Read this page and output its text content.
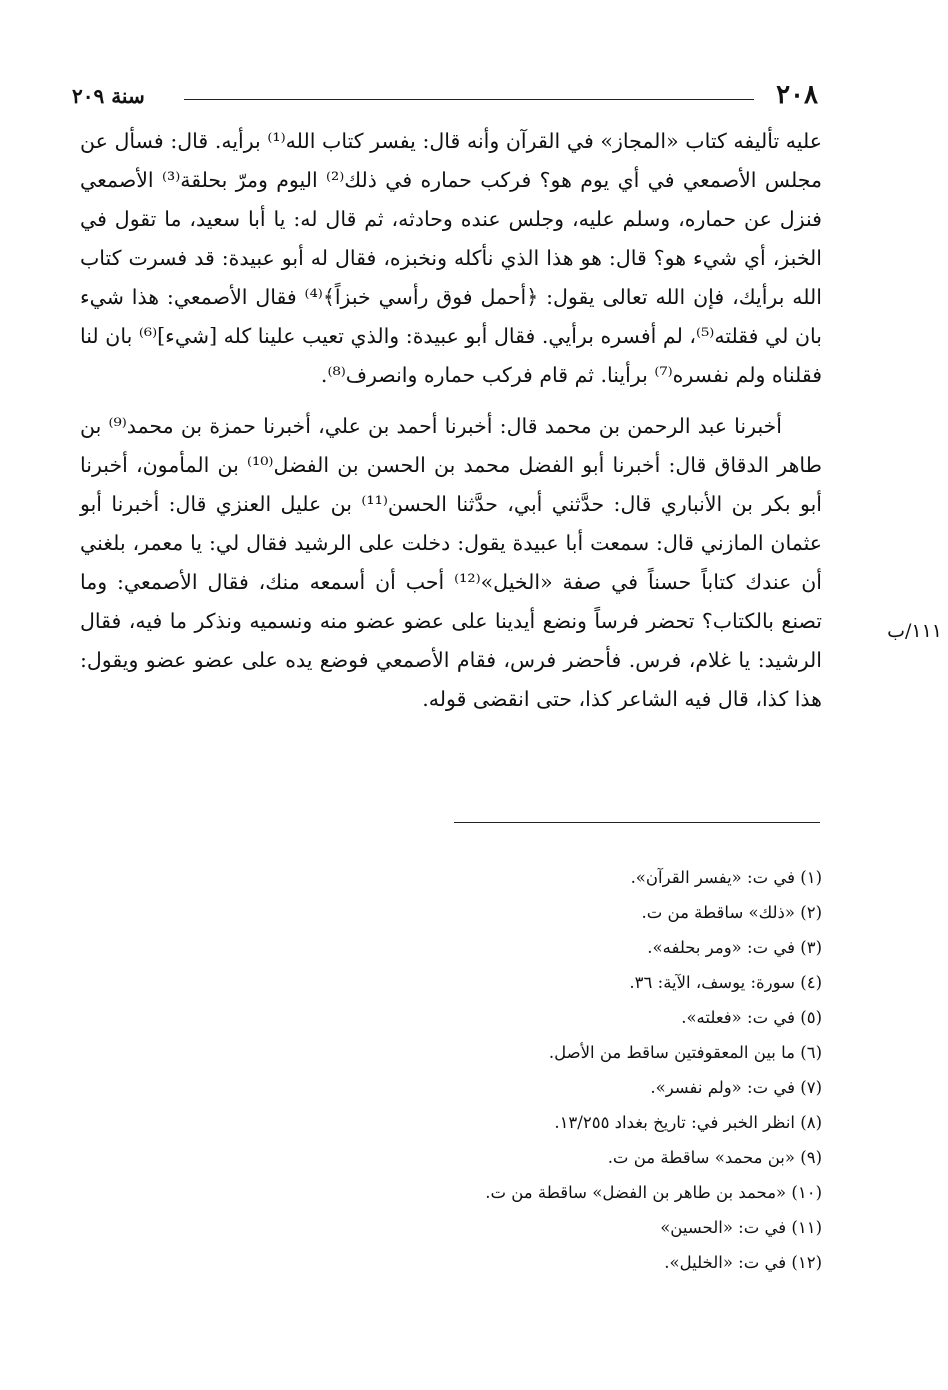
٢٠٨
سنة ٢٠٩

عليه تأليفه كتاب «المجاز» في القرآن وأنه قال: يفسر كتاب الله⁽¹⁾ برأيه. قال: فسأل عن مجلس الأصمعي في أي يوم هو؟ فركب حماره في ذلك⁽²⁾ اليوم ومرّ بحلقة⁽³⁾ الأصمعي فنزل عن حماره، وسلم عليه، وجلس عنده وحادثه، ثم قال له: يا أبا سعيد، ما تقول في الخبز، أي شيء هو؟ قال: هو هذا الذي نأكله ونخبزه، فقال له أبو عبيدة: قد فسرت كتاب الله برأيك، فإن الله تعالى يقول: ﴿أحمل فوق رأسي خبزاً﴾⁽⁴⁾ فقال الأصمعي: هذا شيء بان لي فقلته⁽⁵⁾، لم أفسره برأيي. فقال أبو عبيدة: والذي تعيب علينا كله [شيء]⁽⁶⁾ بان لنا فقلناه ولم نفسره⁽⁷⁾ برأينا. ثم قام فركب حماره وانصرف⁽⁸⁾.

أخبرنا عبد الرحمن بن محمد قال: أخبرنا أحمد بن علي، أخبرنا حمزة بن محمد⁽⁹⁾ بن طاهر الدقاق قال: أخبرنا أبو الفضل محمد بن الحسن بن الفضل⁽¹⁰⁾ بن المأمون، أخبرنا أبو بكر بن الأنباري قال: حدَّثني أبي، حدَّثنا الحسن⁽¹¹⁾ بن عليل العنزي قال: أخبرنا أبو عثمان المازني قال: سمعت أبا عبيدة يقول: دخلت على الرشيد فقال لي: يا معمر، بلغني أن عندك كتاباً حسناً في صفة «الخيل»⁽¹²⁾ أحب أن أسمعه منك، فقال الأصمعي: وما تصنع بالكتاب؟ تحضر فرساً ونضع أيدينا على عضو عضو منه ونسميه ونذكر ما فيه، فقال الرشيد: يا غلام، فرس. فأحضر فرس، فقام الأصمعي فوضع يده على عضو عضو ويقول: هذا كذا، قال فيه الشاعر كذا، حتى انقضى قوله.

١١١/ب
(١) في ت: «يفسر القرآن».
(٢) «ذلك» ساقطة من ت.
(٣) في ت: «ومر بحلفه».
(٤) سورة: يوسف، الآية: ٣٦.
(٥) في ت: «فعلته».
(٦) ما بين المعقوفتين ساقط من الأصل.
(٧) في ت: «ولم نفسر».
(٨) انظر الخبر في: تاريخ بغداد ١٣/٢٥٥.
(٩) «بن محمد» ساقطة من ت.
(١٠) «محمد بن طاهر بن الفضل» ساقطة من ت.
(١١) في ت: «الحسين»
(١٢) في ت: «الخليل».
